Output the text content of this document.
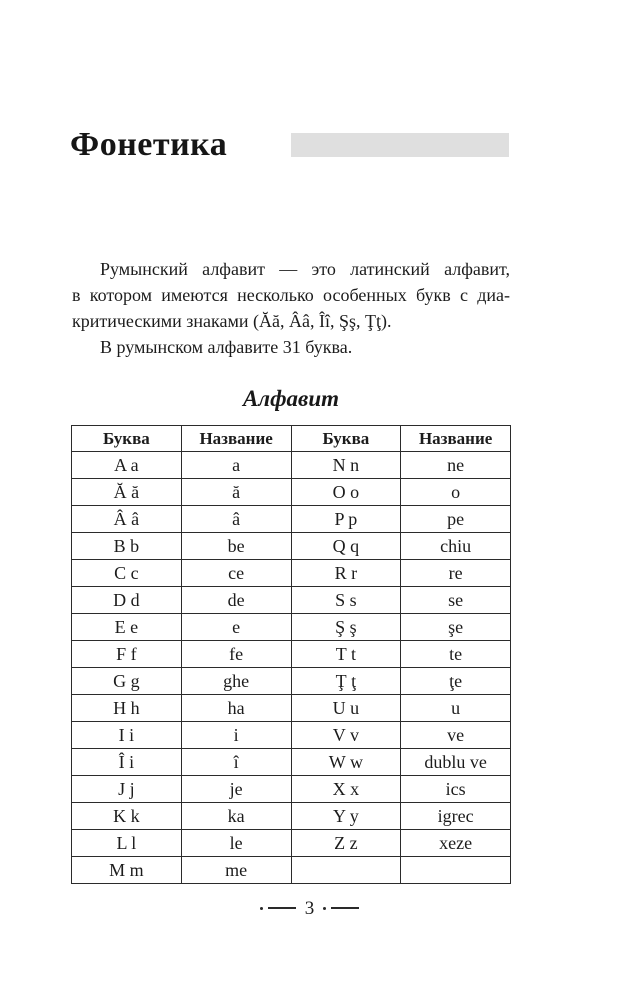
Фонетика
Румынский алфавит — это латинский алфавит,
в котором имеются несколько особенных букв с диа-
критическими знаками (Ăă, Ââ, Îî, Şş, Ţţ).
В румынском алфавите 31 буква.
Алфавит
Буква	Название	Буква	Название
A a	a	N n	ne
Ă ă	ă	O o	o
Â â	â	P p	pe
B b	be	Q q	chiu
C c	ce	R r	re
D d	de	S s	se
E e	e	Ş ş	şe
F f	fe	T t	te
G g	ghe	Ţ ţ	ţe
H h	ha	U u	u
I i	i	V v	ve
Î i	î	W w	dublu ve
J j	je	X x	ics
K k	ka	Y y	igrec
L l	le	Z z	xeze
M m	me		
3
